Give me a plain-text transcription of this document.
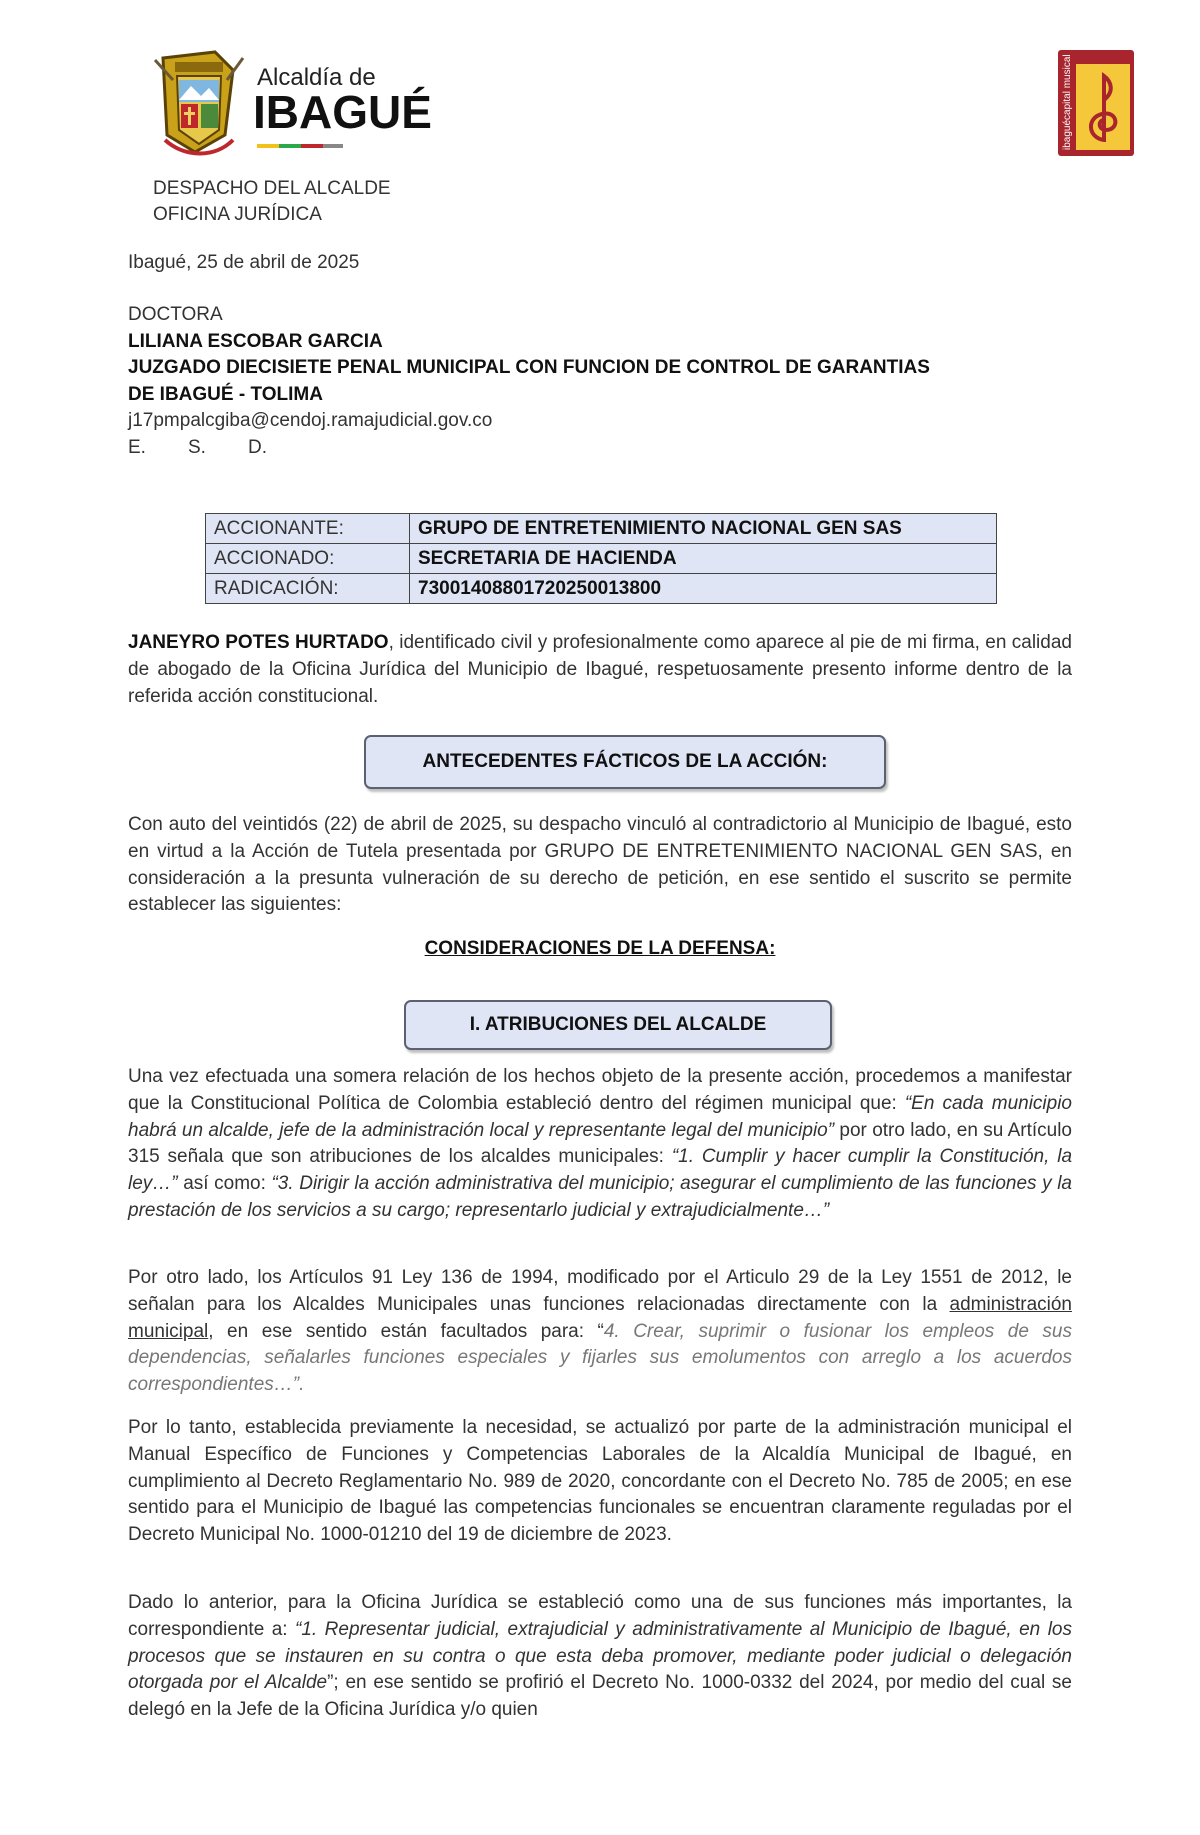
Alcaldía de
IBAGUÉ	ibaguécapital musical
DESPACHO DEL ALCALDE
OFICINA JURÍDICA
Ibagué, 25 de abril de 2025
DOCTORA
LILIANA ESCOBAR GARCIA
JUZGADO DIECISIETE PENAL MUNICIPAL CON FUNCION DE CONTROL DE GARANTIAS
DE IBAGUÉ - TOLIMA
j17pmpalcgiba@cendoj.ramajudicial.gov.co
E. S. D.
ACCIONANTE:	GRUPO DE ENTRETENIMIENTO NACIONAL GEN SAS
ACCIONADO:	SECRETARIA DE HACIENDA
RADICACIÓN:	73001408801720250013800
JANEYRO POTES HURTADO, identificado civil y profesionalmente como aparece al pie de mi firma, en calidad de abogado de la Oficina Jurídica del Municipio de Ibagué, respetuosamente presento informe dentro de la referida acción constitucional.
ANTECEDENTES FÁCTICOS DE LA ACCIÓN:
Con auto del veintidós (22) de abril de 2025, su despacho vinculó al contradictorio al Municipio de Ibagué, esto en virtud a la Acción de Tutela presentada por GRUPO DE ENTRETENIMIENTO NACIONAL GEN SAS, en consideración a la presunta vulneración de su derecho de petición, en ese sentido el suscrito se permite establecer las siguientes:
CONSIDERACIONES DE LA DEFENSA:
I. ATRIBUCIONES DEL ALCALDE
Una vez efectuada una somera relación de los hechos objeto de la presente acción, procedemos a manifestar que la Constitucional Política de Colombia estableció dentro del régimen municipal que: “En cada municipio habrá un alcalde, jefe de la administración local y representante legal del municipio” por otro lado, en su Artículo 315 señala que son atribuciones de los alcaldes municipales: “1. Cumplir y hacer cumplir la Constitución, la ley…” así como: “3. Dirigir la acción administrativa del municipio; asegurar el cumplimiento de las funciones y la prestación de los servicios a su cargo; representarlo judicial y extrajudicialmente…”
Por otro lado, los Artículos 91 Ley 136 de 1994, modificado por el Articulo 29 de la Ley 1551 de 2012, le señalan para los Alcaldes Municipales unas funciones relacionadas directamente con la administración municipal, en ese sentido están facultados para: “4. Crear, suprimir o fusionar los empleos de sus dependencias, señalarles funciones especiales y fijarles sus emolumentos con arreglo a los acuerdos correspondientes…”.
Por lo tanto, establecida previamente la necesidad, se actualizó por parte de la administración municipal el Manual Específico de Funciones y Competencias Laborales de la Alcaldía Municipal de Ibagué, en cumplimiento al Decreto Reglamentario No. 989 de 2020, concordante con el Decreto No. 785 de 2005; en ese sentido para el Municipio de Ibagué las competencias funcionales se encuentran claramente reguladas por el Decreto Municipal No. 1000-01210 del 19 de diciembre de 2023.
Dado lo anterior, para la Oficina Jurídica se estableció como una de sus funciones más importantes, la correspondiente a: “1. Representar judicial, extrajudicial y administrativamente al Municipio de Ibagué, en los procesos que se instauren en su contra o que esta deba promover, mediante poder judicial o delegación otorgada por el Alcalde”; en ese sentido se profirió el Decreto No. 1000-0332 del 2024, por medio del cual se delegó en la Jefe de la Oficina Jurídica y/o quien
